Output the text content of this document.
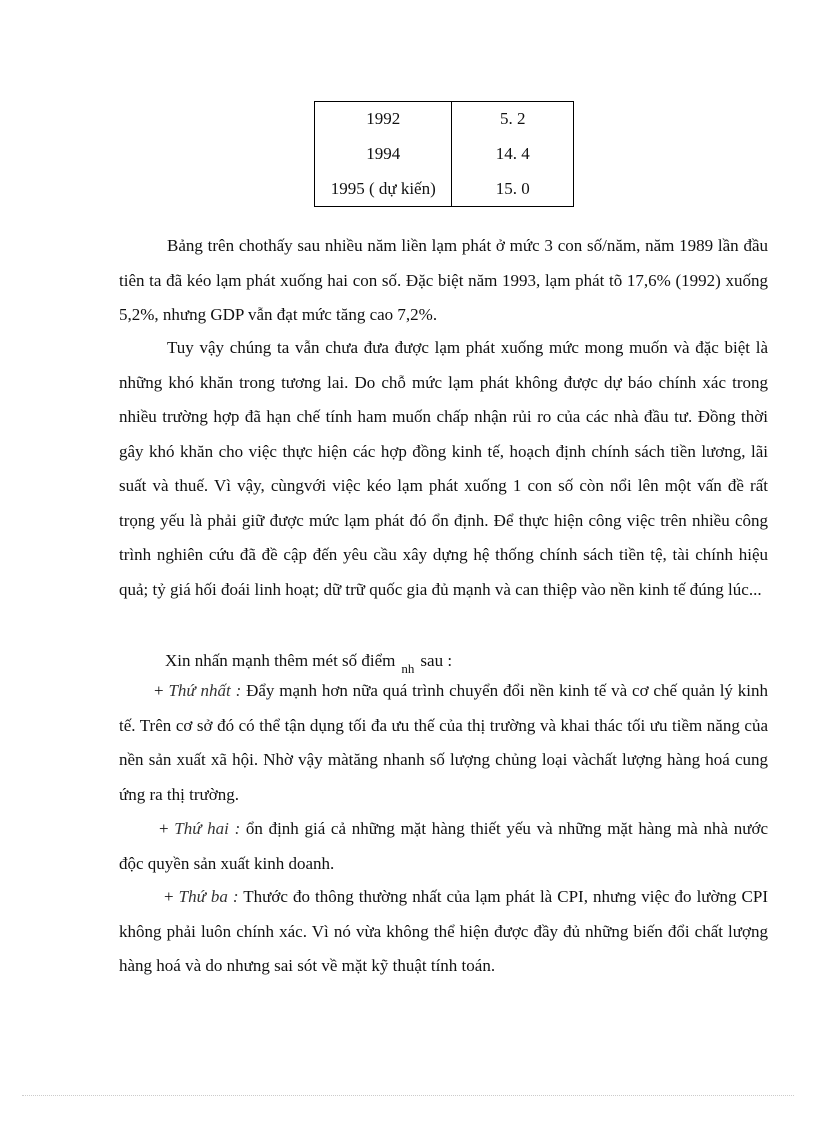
1992	5. 2
1994	14. 4
1995 ( dự kiến)	15. 0

Bảng trên chothấy sau nhiều năm liền lạm phát ở mức 3 con số/năm, năm 1989 lần đầu tiên ta đã kéo lạm phát xuống hai con số. Đặc biệt năm 1993, lạm phát tõ 17,6% (1992) xuống 5,2%, nhưng GDP vẫn đạt mức tăng cao 7,2%.

Tuy vậy chúng ta vẫn chưa đưa được lạm phát xuống mức mong muốn và đặc biệt là những khó khăn trong tương lai. Do chỗ mức lạm phát không được dự báo chính xác trong nhiều trường hợp đã hạn chế tính ham muốn chấp nhận rủi ro của các nhà đầu tư. Đồng thời gây khó khăn cho việc thực hiện các hợp đồng kinh tế, hoạch định chính sách tiền lương, lãi suất và thuế. Vì vậy, cùngvới việc kéo lạm phát xuống 1 con số còn nổi lên một vấn đề rất trọng yếu là phải giữ được mức lạm phát đó ổn định. Để thực hiện công việc trên nhiều công trình nghiên cứu đã đề cập đến yêu cầu xây dựng hệ thống chính sách tiền tệ, tài chính hiệu quả; tỷ giá hối đoái linh hoạt; dữ trữ quốc gia đủ mạnh và can thiệp vào nền kinh tế đúng lúc...

Xin nhấn mạnh thêm mét số điểm $_{nh}$ sau :

+ Thứ nhất : Đẩy mạnh hơn nữa quá trình chuyển đổi nền kinh tế và cơ chế quản lý kinh tế. Trên cơ sở đó có thể tận dụng tối đa ưu thế của thị trường và khai thác tối ưu tiềm năng của nền sản xuất xã hội. Nhờ vậy màtăng nhanh số lượng chủng loại vàchất lượng hàng hoá cung ứng ra thị trường.

+ Thứ hai : ổn định giá cả những mặt hàng thiết yếu và những mặt hàng mà nhà nước độc quyền sản xuất kinh doanh.

+ Thứ ba : Thước đo thông thường nhất của lạm phát là CPI, nhưng việc đo lường CPI không phải luôn chính xác. Vì nó vừa không thể hiện được đầy đủ những biến đổi chất lượng hàng hoá và do nhưng sai sót về mặt kỹ thuật tính toán.
